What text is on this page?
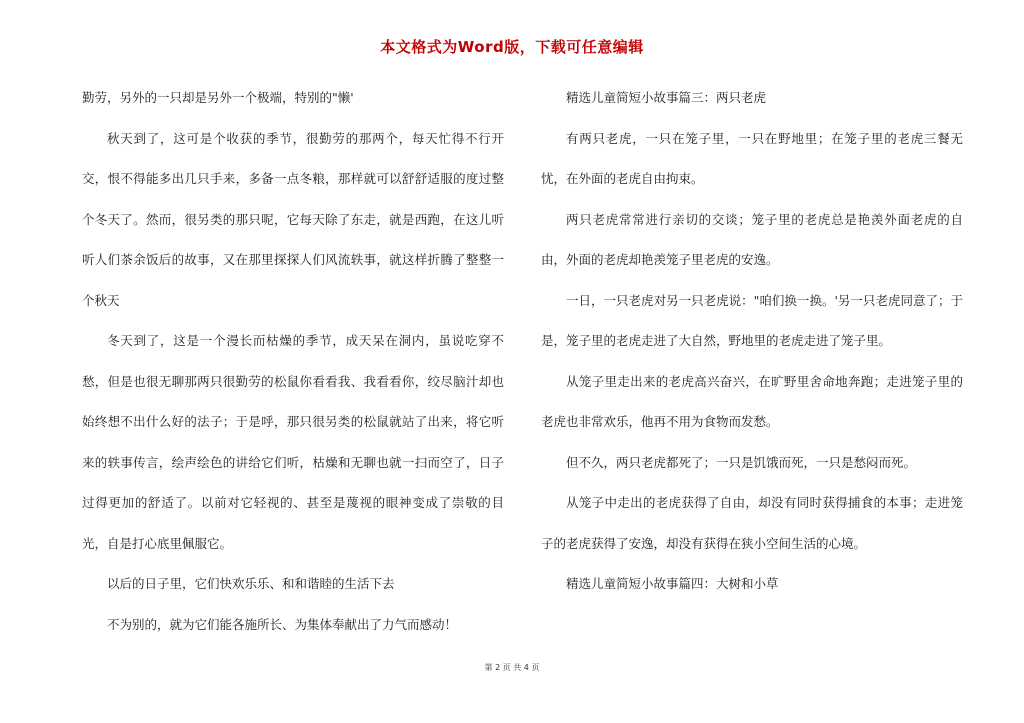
本文格式为Word版，下载可任意编辑

勤劳，另外的一只却是另外一个极端，特别的"懒'

秋天到了，这可是个收获的季节，很勤劳的那两个，每天忙得不行开交，恨不得能多出几只手来，多备一点冬粮，那样就可以舒舒适服的度过整个冬天了。然而，很另类的那只呢，它每天除了东走，就是西跑，在这儿听听人们茶余饭后的故事，又在那里探探人们风流轶事，就这样折腾了整整一个秋天

冬天到了，这是一个漫长而枯燥的季节，成天呆在洞内，虽说吃穿不愁，但是也很无聊那两只很勤劳的松鼠你看看我、我看看你，绞尽脑汁却也始终想不出什么好的法子；于是呼，那只很另类的松鼠就站了出来，将它听来的轶事传言，绘声绘色的讲给它们听，枯燥和无聊也就一扫而空了，日子过得更加的舒适了。以前对它轻视的、甚至是蔑视的眼神变成了崇敬的目光，自是打心底里佩服它。

以后的日子里，它们快欢乐乐、和和谐睦的生活下去

不为别的，就为它们能各施所长、为集体奉献出了力气而感动！

精选儿童简短小故事篇三：两只老虎

有两只老虎，一只在笼子里，一只在野地里；在笼子里的老虎三餐无忧，在外面的老虎自由拘束。

两只老虎常常进行亲切的交谈；笼子里的老虎总是艳羡外面老虎的自由，外面的老虎却艳羡笼子里老虎的安逸。

一日，一只老虎对另一只老虎说："咱们换一换。'另一只老虎同意了；于是，笼子里的老虎走进了大自然，野地里的老虎走进了笼子里。

从笼子里走出来的老虎高兴奋兴，在旷野里舍命地奔跑；走进笼子里的老虎也非常欢乐，他再不用为食物而发愁。

但不久，两只老虎都死了；一只是饥饿而死，一只是愁闷而死。

从笼子中走出的老虎获得了自由，却没有同时获得捕食的本事；走进笼子的老虎获得了安逸，却没有获得在狭小空间生活的心境。

精选儿童简短小故事篇四：大树和小草

第 2 页 共 4 页
